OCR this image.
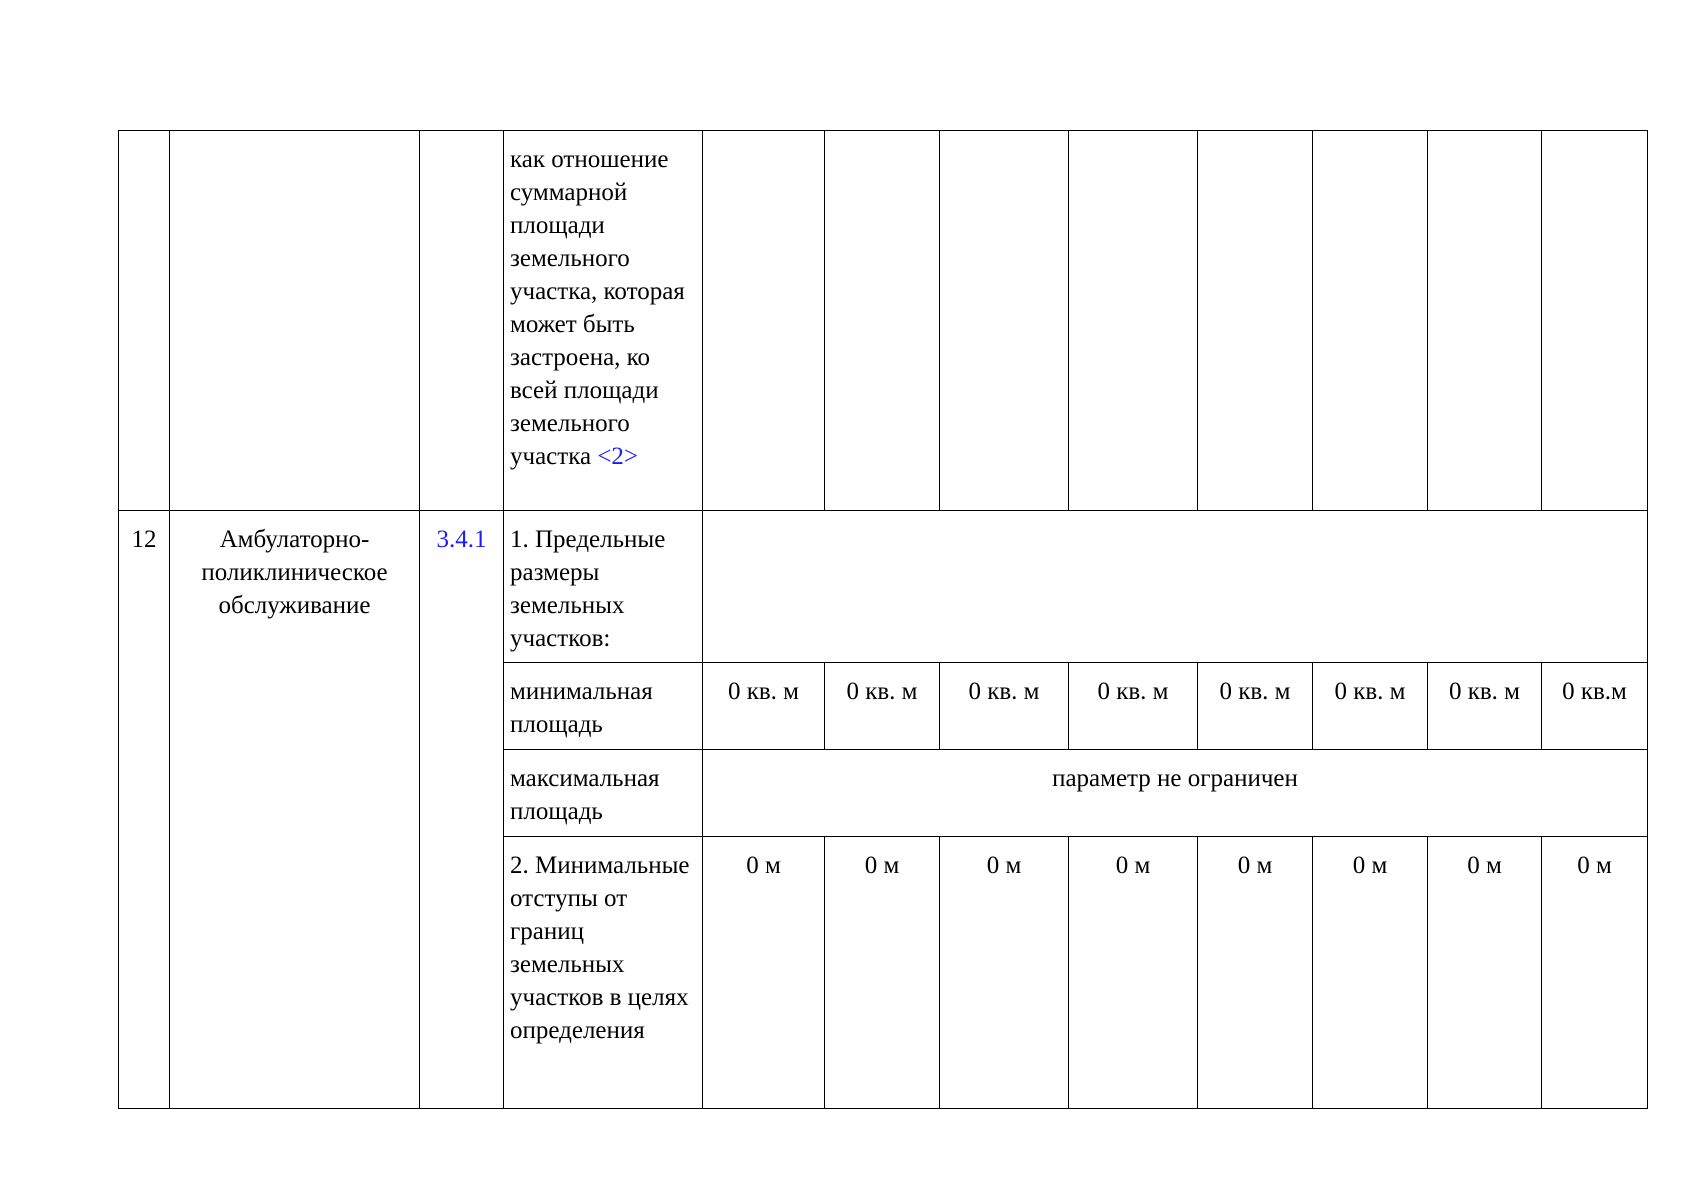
			как отношение суммарной площади земельного участка, которая может быть застроена, ко всей площади земельного участка <2>								
12	Амбулаторно-поликлиническое обслуживание	3.4.1	1. Предельные размеры земельных участков:								
			минимальная площадь	0 кв. м	0 кв. м	0 кв. м	0 кв. м	0 кв. м	0 кв. м	0 кв. м	0 кв.м
			максимальная площадь	параметр не ограничен							
			2. Минимальные отступы от границ земельных участков в целях определения	0 м	0 м	0 м	0 м	0 м	0 м	0 м	0 м
